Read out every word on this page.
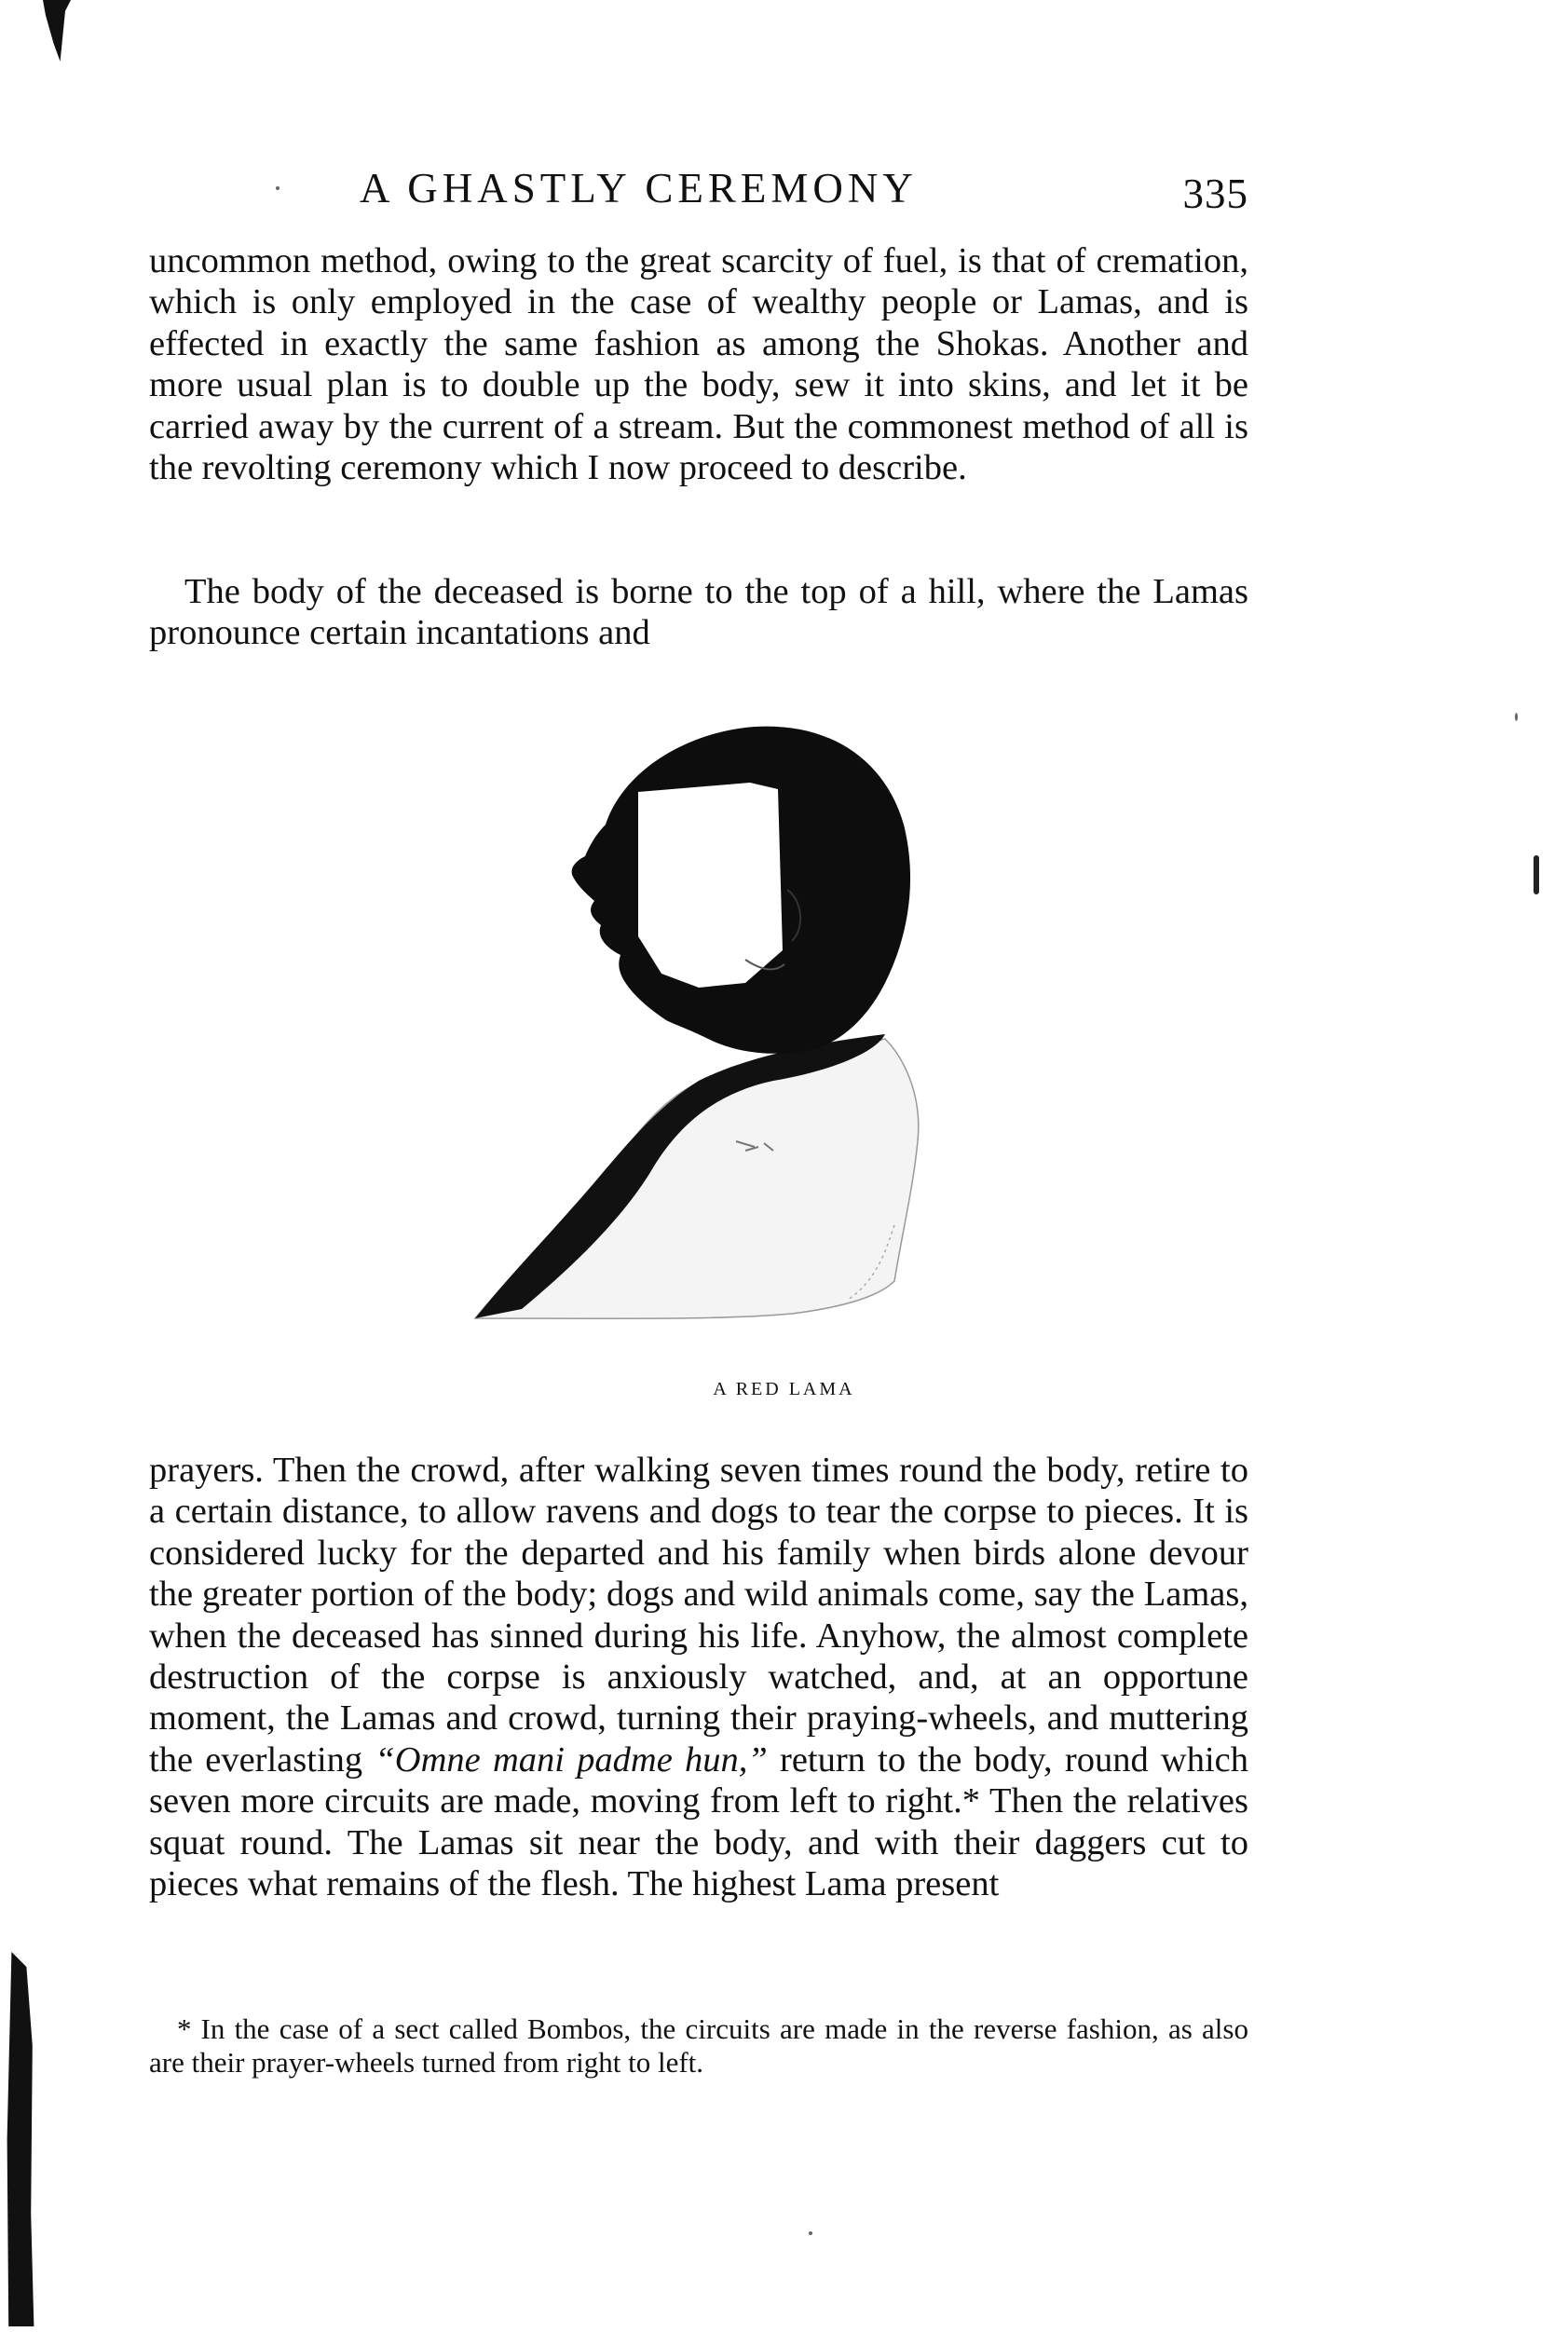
A GHASTLY CEREMONY	335

uncommon method, owing to the great scarcity of fuel, is that of cremation, which is only employed in the case of wealthy people or Lamas, and is effected in exactly the same fashion as among the Shokas. Another and more usual plan is to double up the body, sew it into skins, and let it be carried away by the current of a stream. But the commonest method of all is the revolting ceremony which I now proceed to describe.

The body of the deceased is borne to the top of a hill, where the Lamas pronounce certain incantations and

A RED LAMA

prayers. Then the crowd, after walking seven times round the body, retire to a certain distance, to allow ravens and dogs to tear the corpse to pieces. It is considered lucky for the departed and his family when birds alone devour the greater portion of the body; dogs and wild animals come, say the Lamas, when the deceased has sinned during his life. Anyhow, the almost complete destruction of the corpse is anxiously watched, and, at an opportune moment, the Lamas and crowd, turning their praying-wheels, and muttering the everlasting “Omne mani padme hun,” return to the body, round which seven more circuits are made, moving from left to right.* Then the relatives squat round. The Lamas sit near the body, and with their daggers cut to pieces what remains of the flesh. The highest Lama present

* In the case of a sect called Bombos, the circuits are made in the reverse fashion, as also are their prayer-wheels turned from right to left.
